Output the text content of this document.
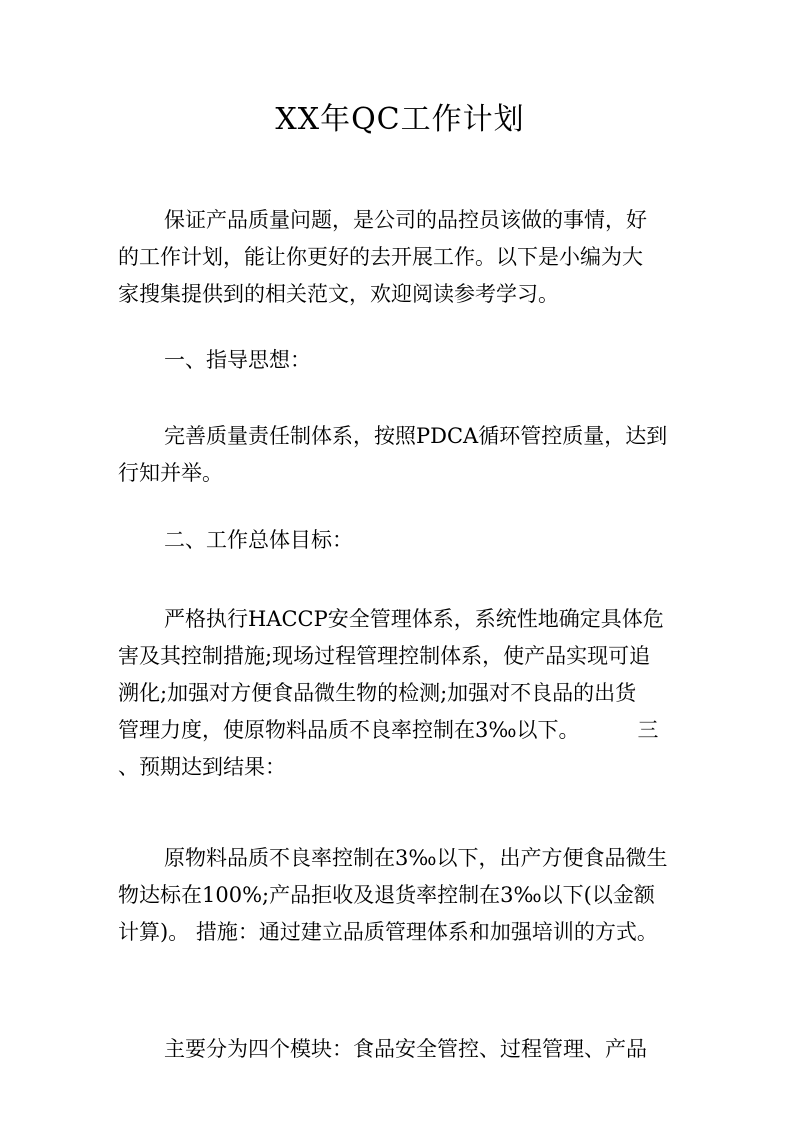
XX年QC工作计划
保证产品质量问题，是公司的品控员该做的事情，好
的工作计划，能让你更好的去开展工作。以下是小编为大
家搜集提供到的相关范文，欢迎阅读参考学习。
一、指导思想：
完善质量责任制体系，按照PDCA循环管控质量，达到
行知并举。
二、工作总体目标：
严格执行HACCP安全管理体系，系统性地确定具体危
害及其控制措施;现场过程管理控制体系，使产品实现可追
溯化;加强对方便食品微生物的检测;加强对不良品的出货
管理力度，使原物料品质不良率控制在3‰以下。	三
、预期达到结果：
原物料品质不良率控制在3‰以下，出产方便食品微生
物达标在100%;产品拒收及退货率控制在3‰以下(以金额
计算)。 措施：通过建立品质管理体系和加强培训的方式。
主要分为四个模块：食品安全管控、过程管理、产品
